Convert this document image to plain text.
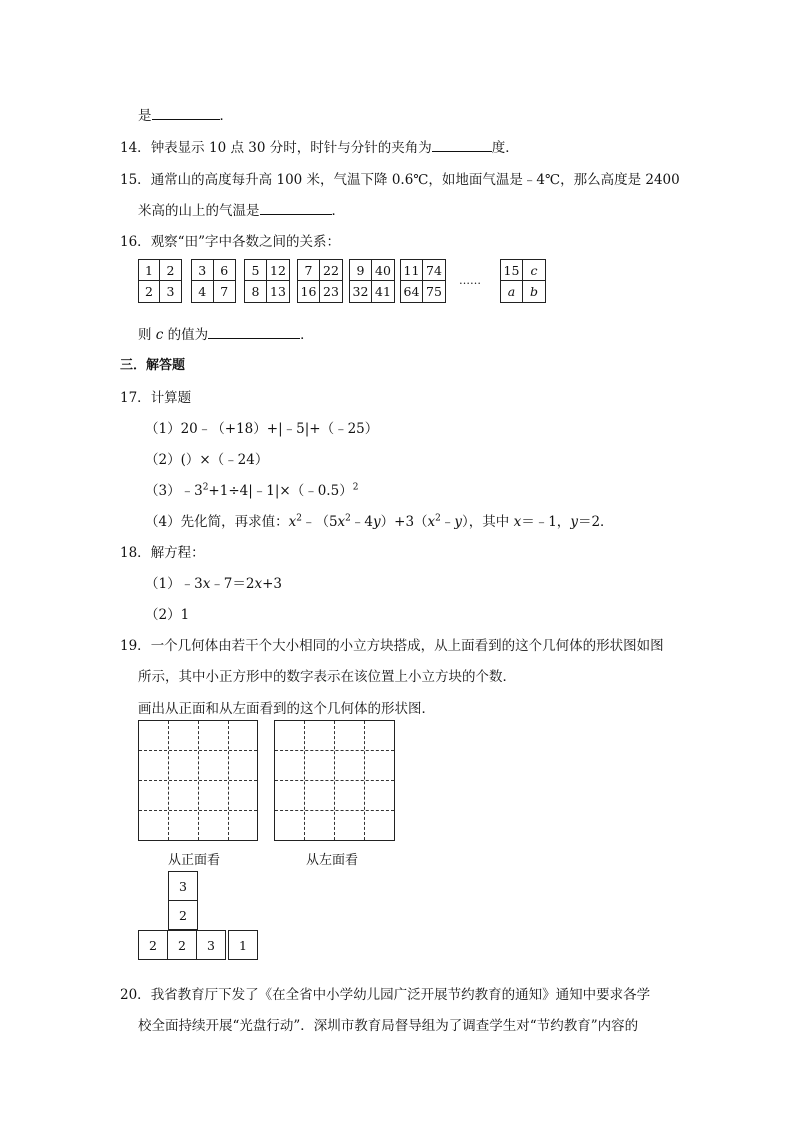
是	．
14．钟表显示 10 点 30 分时，时针与分针的夹角为	度．
15．通常山的高度每升高 100 米，气温下降 0.6℃，如地面气温是﹣4℃，那么高度是 2400
米高的山上的气温是	．
16．观察“田”字中各数之间的关系：
1	2
2	3
3	6
4	7
5 12
8 13
7 22
16 23
9 40
32 41
11 74
64 75
……
15 c
a	b
则 c 的值为	．
三．解答题
17．计算题
（1）20﹣（+18）+|﹣5|+（﹣25）
（2）(）×（﹣24）
$(3)﹣3^2+1\div 4|﹣1|\times(﹣0.5)^2$
（4）先化简，再求值：$x^2﹣(5x^2﹣4y)+3(x^2﹣y)$，其中 x＝﹣1，y＝2．
18．解方程：
（1）﹣3x﹣7＝2x+3
（2）1
19．一个几何体由若干个大小相同的小立方块搭成，从上面看到的这个几何体的形状图如图
所示，其中小正方形中的数字表示在该位置上小立方块的个数．
画出从正面和从左面看到的这个几何体的形状图．
从正面看	从左面看
3
2
2	2	3	1
20．我省教育厅下发了《在全省中小学幼儿园广泛开展节约教育的通知》通知中要求各学
校全面持续开展“光盘行动”．深圳市教育局督导组为了调查学生对“节约教育”内容的
